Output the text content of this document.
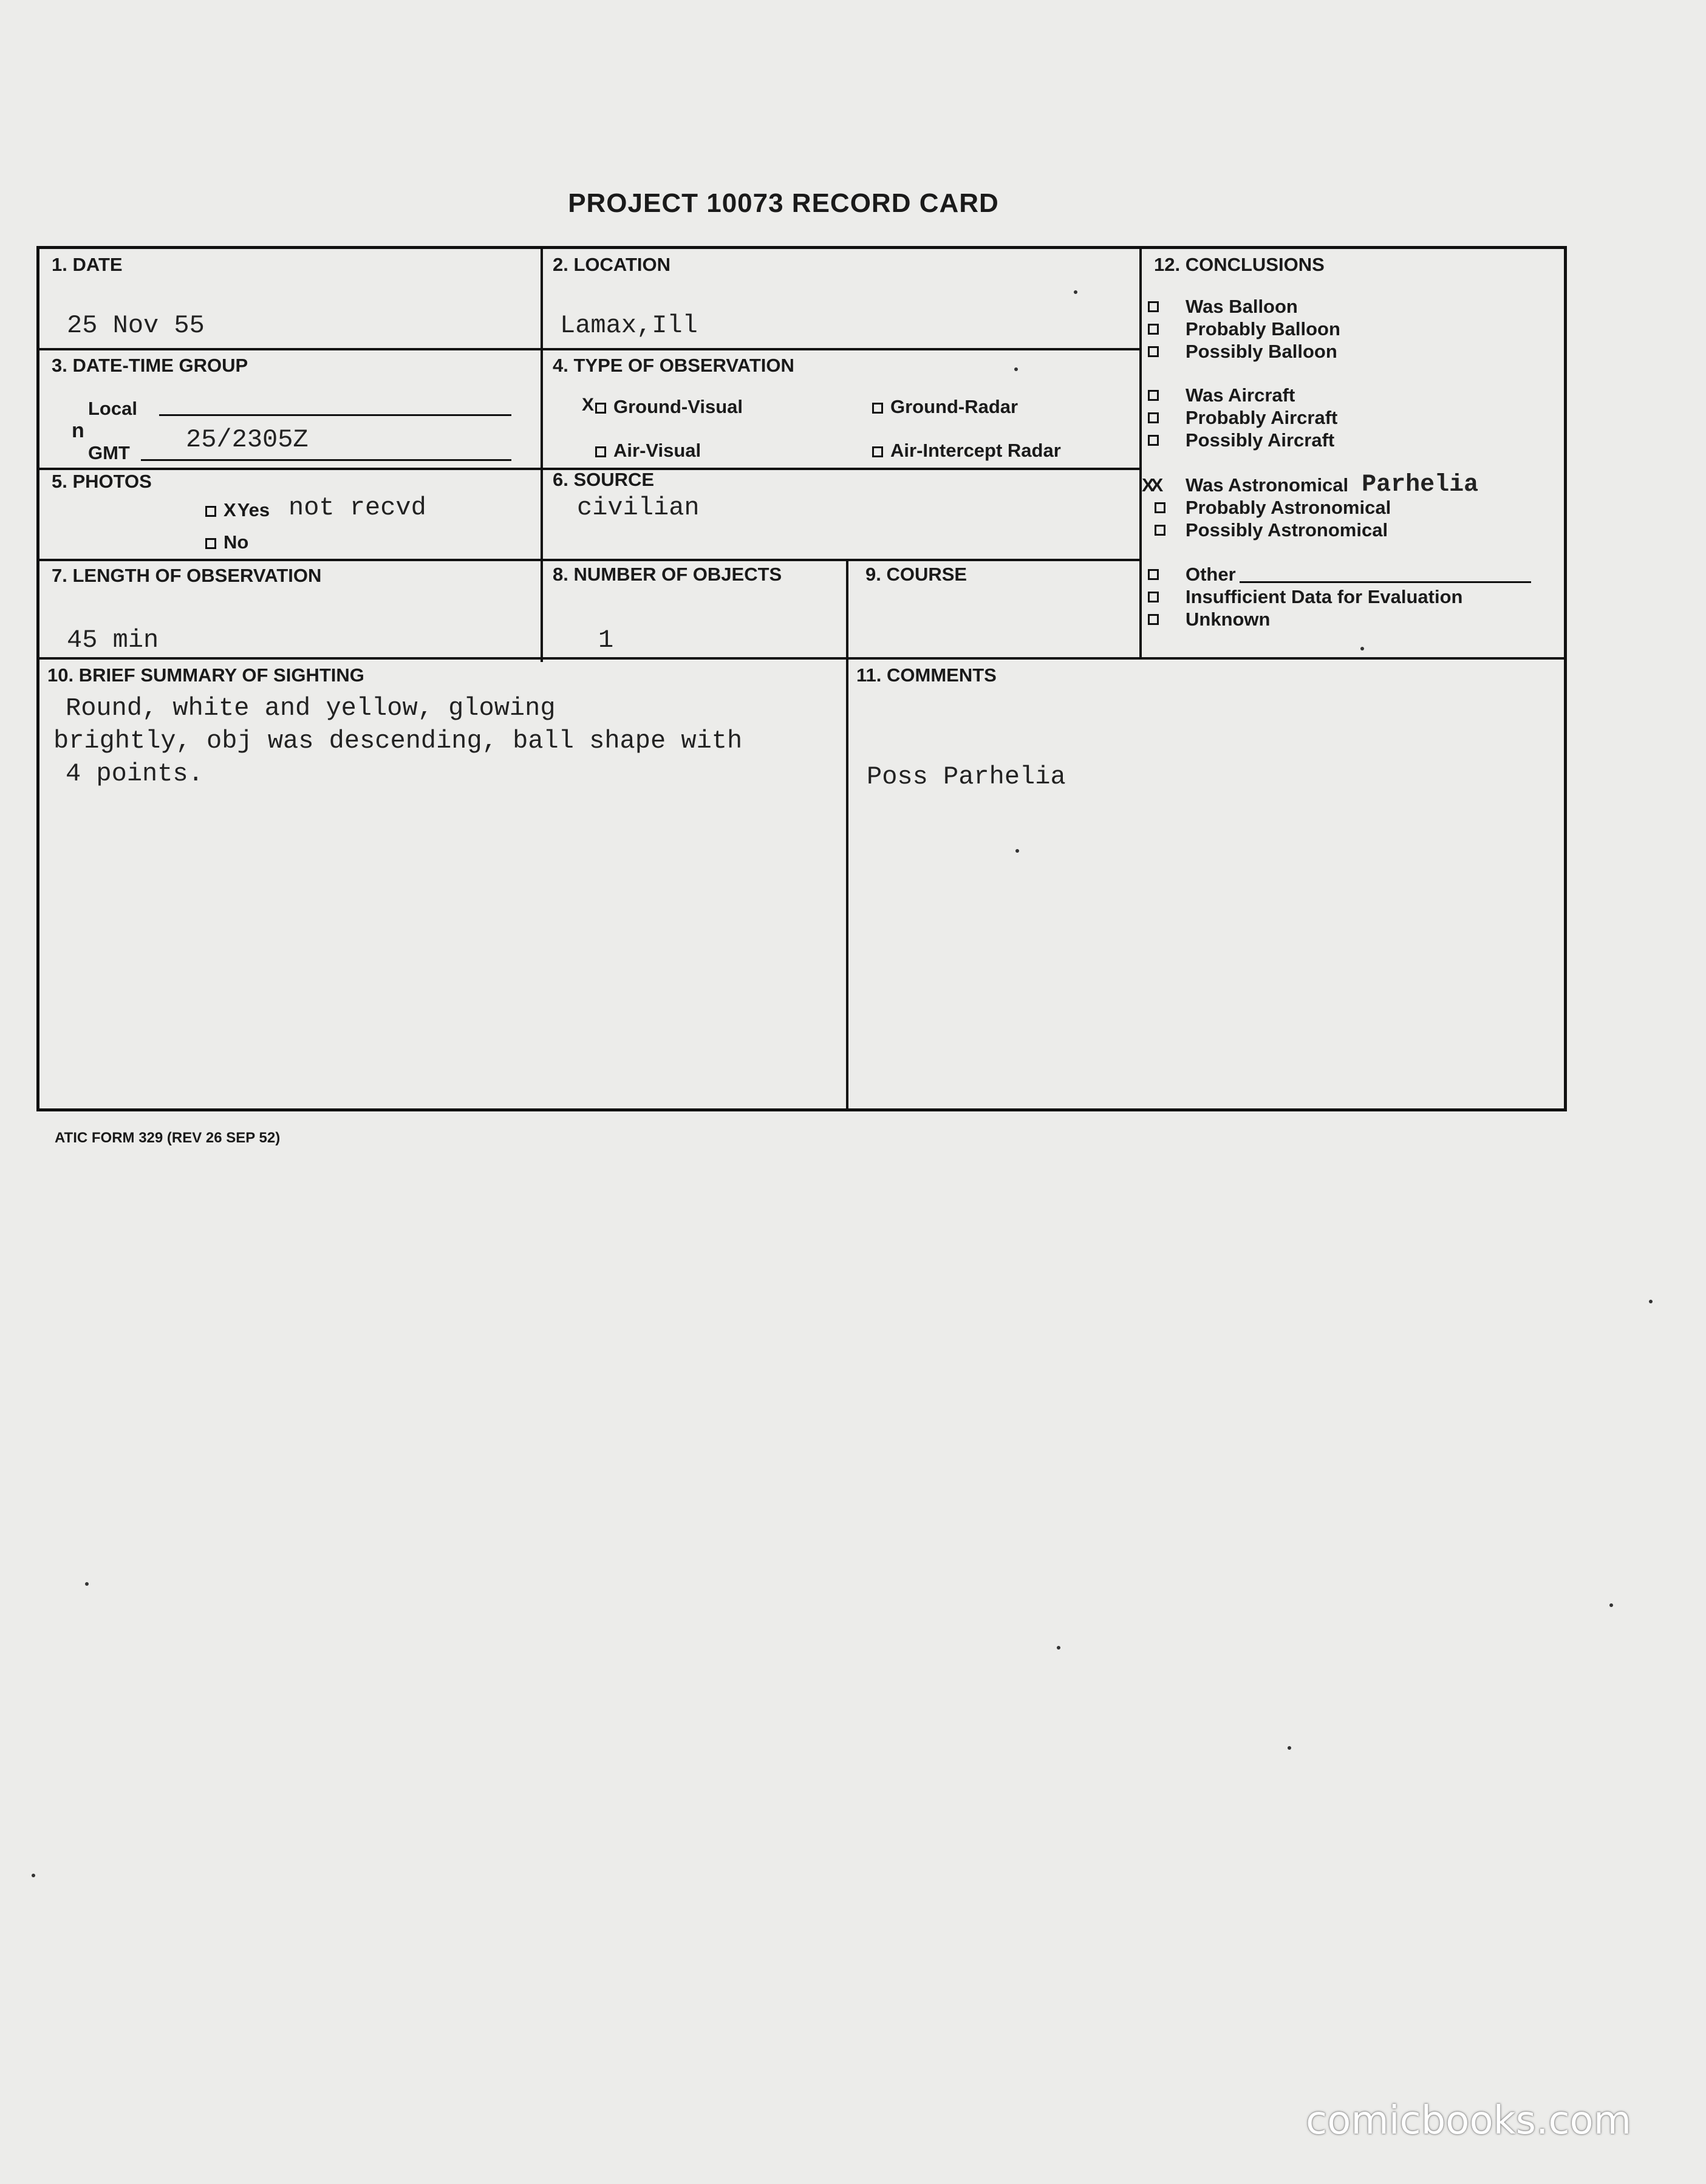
PROJECT 10073 RECORD CARD
1. DATE
25 Nov 55
2. LOCATION
Lamax,Ill
3. DATE-TIME GROUP
Local
n
GMT 25/2305Z
4. TYPE OF OBSERVATION
X	Ground-Visual	Ground-Radar
Air-Visual	Air-Intercept Radar
5. PHOTOS
XYes not recvd
No
6. SOURCE
civilian
7. LENGTH OF OBSERVATION
45 min
8. NUMBER OF OBJECTS
1
9. COURSE
12. CONCLUSIONS
Was Balloon
Probably Balloon
Possibly Balloon
Was Aircraft
Probably Aircraft
Possibly Aircraft
XX Was Astronomical Parhelia
Probably Astronomical
Possibly Astronomical
Other
Insufficient Data for Evaluation
Unknown
10. BRIEF SUMMARY OF SIGHTING
Round, white and yellow, glowing
brightly, obj was descending, ball shape with
4 points.
11. COMMENTS
Poss Parhelia
ATIC FORM 329 (REV 26 SEP 52)
comicbooks.com
